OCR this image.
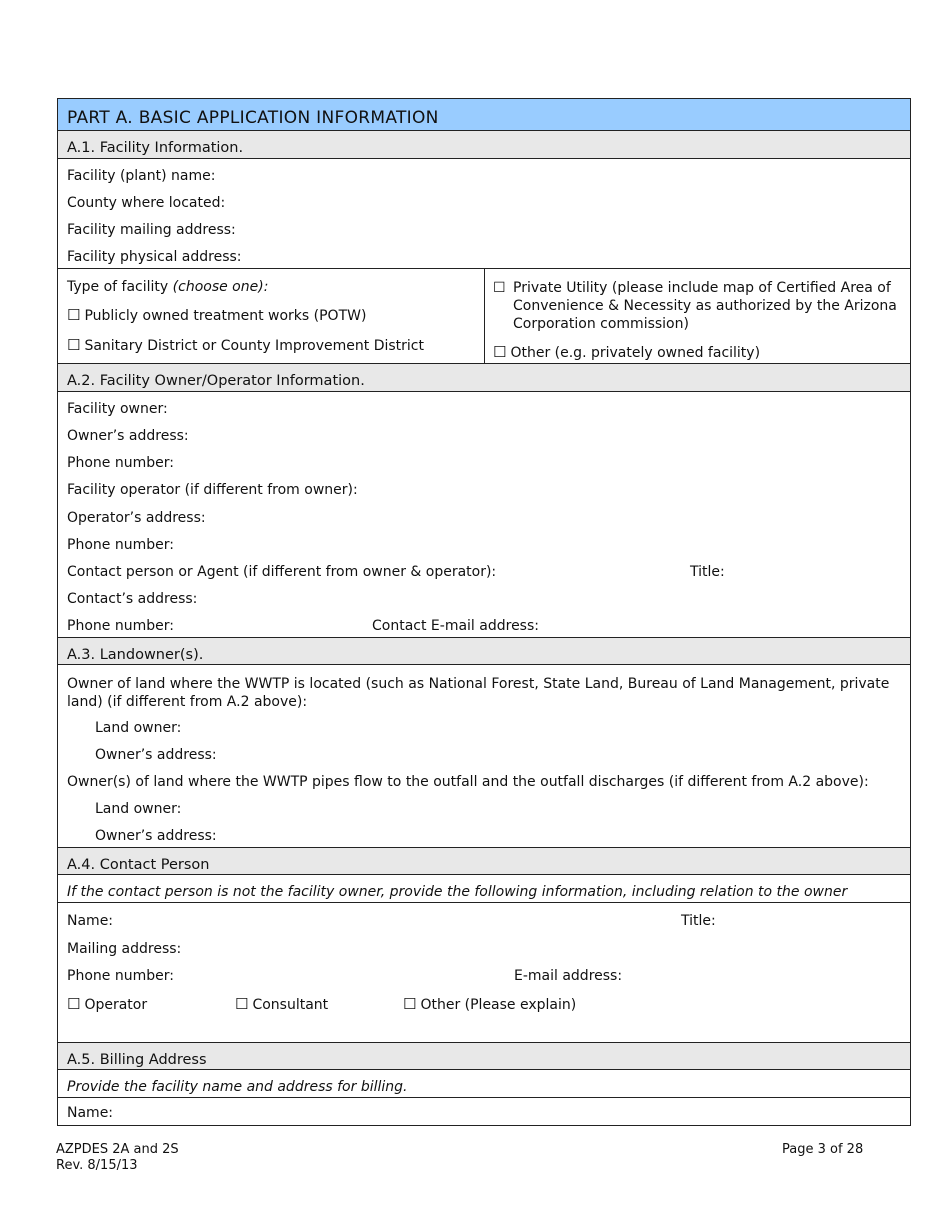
PART A. BASIC APPLICATION INFORMATION
A.1. Facility Information.
Facility (plant) name:
County where located:
Facility mailing address:
Facility physical address:
Type of facility (choose one):
☐ Publicly owned treatment works (POTW)
☐ Sanitary District or County Improvement District
☐ Private Utility (please include map of Certified Area of Convenience & Necessity as authorized by the Arizona Corporation commission)
☐ Other (e.g. privately owned facility)
A.2. Facility Owner/Operator Information.
Facility owner:
Owner’s address:
Phone number:
Facility operator (if different from owner):
Operator’s address:
Phone number:
Contact person or Agent (if different from owner & operator):	Title:
Contact’s address:
Phone number:	Contact E-mail address:
A.3. Landowner(s).
Owner of land where the WWTP is located (such as National Forest, State Land, Bureau of Land Management, private land) (if different from A.2 above):
Land owner:
Owner’s address:
Owner(s) of land where the WWTP pipes flow to the outfall and the outfall discharges (if different from A.2 above):
Land owner:
Owner’s address:
A.4. Contact Person
If the contact person is not the facility owner, provide the following information, including relation to the owner
Name:	Title:
Mailing address:
Phone number:	E-mail address:
☐ Operator	☐ Consultant	☐ Other (Please explain)
A.5. Billing Address
Provide the facility name and address for billing.
Name:
AZPDES 2A and 2S
Rev. 8/15/13
Page 3 of 28
